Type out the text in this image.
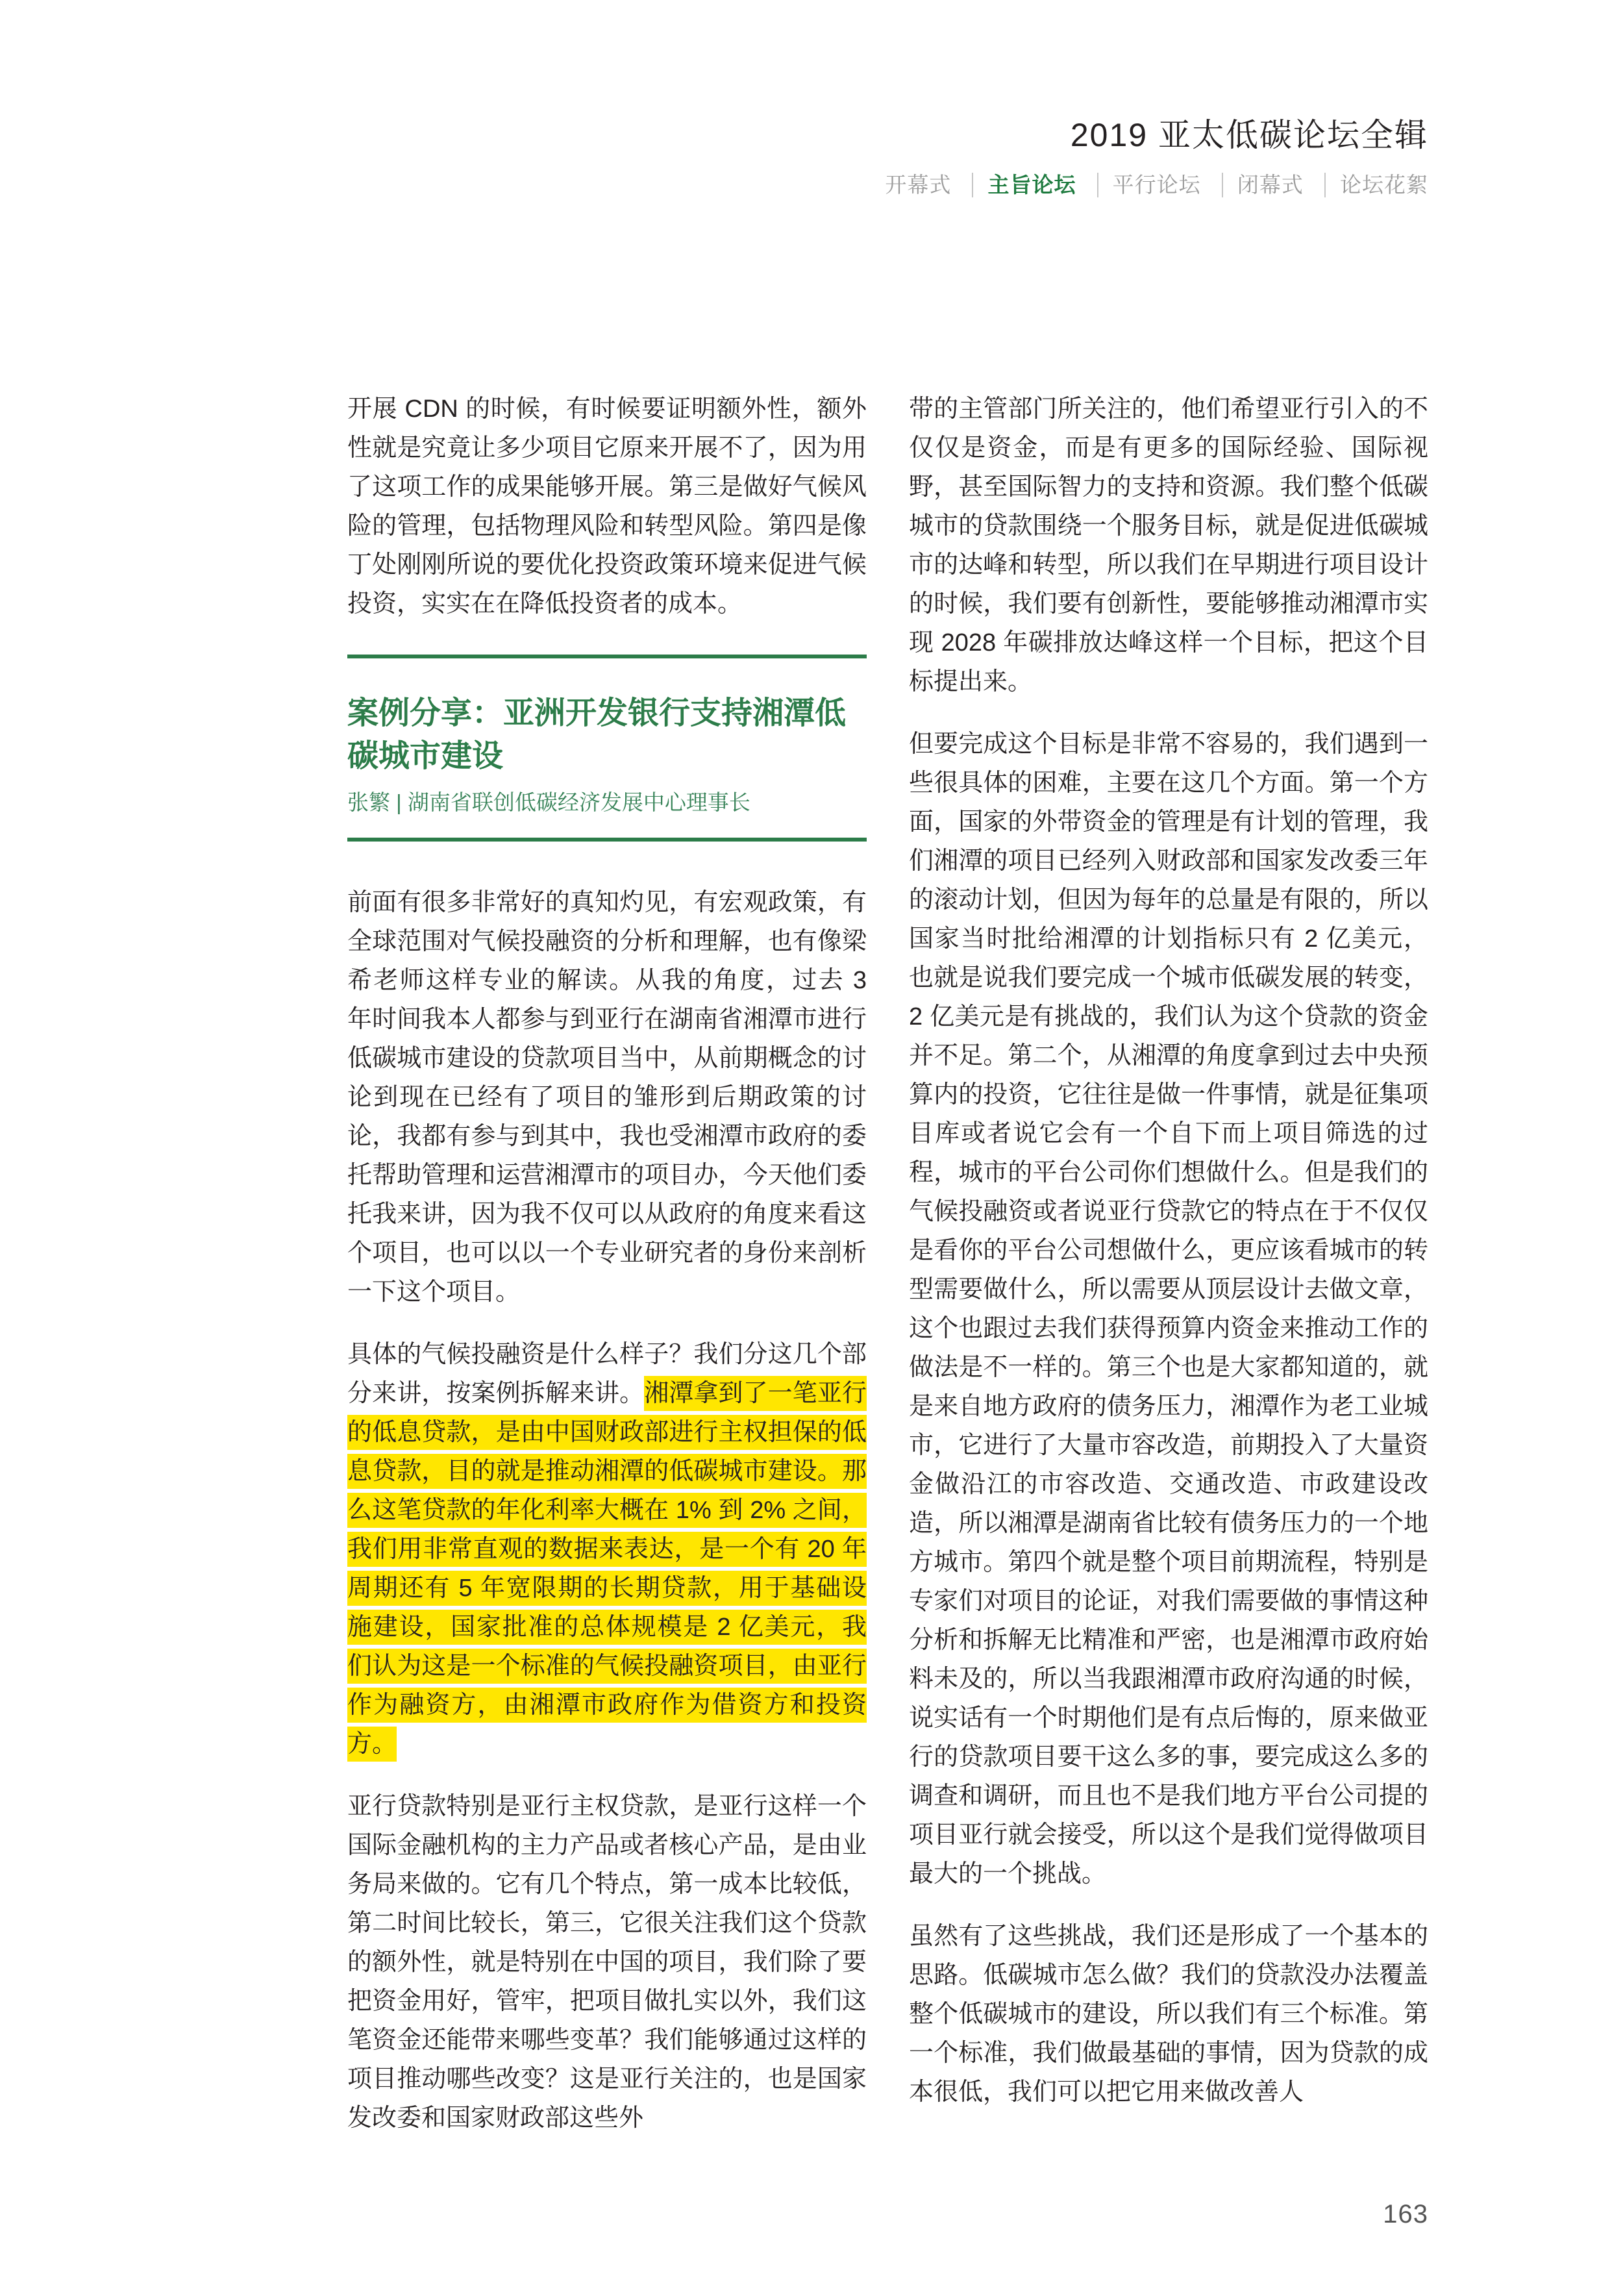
2019 亚太低碳论坛全辑
开幕式 主旨论坛 平行论坛 闭幕式 论坛花絮

开展 CDN 的时候，有时候要证明额外性，额外性就是究竟让多少项目它原来开展不了，因为用了这项工作的成果能够开展。第三是做好气候风险的管理，包括物理风险和转型风险。第四是像丁处刚刚所说的要优化投资政策环境来促进气候投资，实实在在降低投资者的成本。

案例分享：亚洲开发银行支持湘潭低碳城市建设

张繁 | 湖南省联创低碳经济发展中心理事长

前面有很多非常好的真知灼见，有宏观政策，有全球范围对气候投融资的分析和理解，也有像梁希老师这样专业的解读。从我的角度，过去 3 年时间我本人都参与到亚行在湖南省湘潭市进行低碳城市建设的贷款项目当中，从前期概念的讨论到现在已经有了项目的雏形到后期政策的讨论，我都有参与到其中，我也受湘潭市政府的委托帮助管理和运营湘潭市的项目办，今天他们委托我来讲，因为我不仅可以从政府的角度来看这个项目，也可以以一个专业研究者的身份来剖析一下这个项目。

具体的气候投融资是什么样子？我们分这几个部分来讲，按案例拆解来讲。湘潭拿到了一笔亚行的低息贷款，是由中国财政部进行主权担保的低息贷款，目的就是推动湘潭的低碳城市建设。那么这笔贷款的年化利率大概在 1% 到 2% 之间，我们用非常直观的数据来表达，是一个有 20 年周期还有 5 年宽限期的长期贷款，用于基础设施建设，国家批准的总体规模是 2 亿美元，我们认为这是一个标准的气候投融资项目，由亚行作为融资方，由湘潭市政府作为借资方和投资方。

亚行贷款特别是亚行主权贷款，是亚行这样一个国际金融机构的主力产品或者核心产品，是由业务局来做的。它有几个特点，第一成本比较低，第二时间比较长，第三，它很关注我们这个贷款的额外性，就是特别在中国的项目，我们除了要把资金用好，管牢，把项目做扎实以外，我们这笔资金还能带来哪些变革？我们能够通过这样的项目推动哪些改变？这是亚行关注的，也是国家发改委和国家财政部这些外

带的主管部门所关注的，他们希望亚行引入的不仅仅是资金，而是有更多的国际经验、国际视野，甚至国际智力的支持和资源。我们整个低碳城市的贷款围绕一个服务目标，就是促进低碳城市的达峰和转型，所以我们在早期进行项目设计的时候，我们要有创新性，要能够推动湘潭市实现 2028 年碳排放达峰这样一个目标，把这个目标提出来。

但要完成这个目标是非常不容易的，我们遇到一些很具体的困难，主要在这几个方面。第一个方面，国家的外带资金的管理是有计划的管理，我们湘潭的项目已经列入财政部和国家发改委三年的滚动计划，但因为每年的总量是有限的，所以国家当时批给湘潭的计划指标只有 2 亿美元，也就是说我们要完成一个城市低碳发展的转变，2 亿美元是有挑战的，我们认为这个贷款的资金并不足。第二个，从湘潭的角度拿到过去中央预算内的投资，它往往是做一件事情，就是征集项目库或者说它会有一个自下而上项目筛选的过程，城市的平台公司你们想做什么。但是我们的气候投融资或者说亚行贷款它的特点在于不仅仅是看你的平台公司想做什么，更应该看城市的转型需要做什么，所以需要从顶层设计去做文章，这个也跟过去我们获得预算内资金来推动工作的做法是不一样的。第三个也是大家都知道的，就是来自地方政府的债务压力，湘潭作为老工业城市，它进行了大量市容改造，前期投入了大量资金做沿江的市容改造、交通改造、市政建设改造，所以湘潭是湖南省比较有债务压力的一个地方城市。第四个就是整个项目前期流程，特别是专家们对项目的论证，对我们需要做的事情这种分析和拆解无比精准和严密，也是湘潭市政府始料未及的，所以当我跟湘潭市政府沟通的时候，说实话有一个时期他们是有点后悔的，原来做亚行的贷款项目要干这么多的事，要完成这么多的调查和调研，而且也不是我们地方平台公司提的项目亚行就会接受，所以这个是我们觉得做项目最大的一个挑战。

虽然有了这些挑战，我们还是形成了一个基本的思路。低碳城市怎么做？我们的贷款没办法覆盖整个低碳城市的建设，所以我们有三个标准。第一个标准，我们做最基础的事情，因为贷款的成本很低，我们可以把它用来做改善人

163
